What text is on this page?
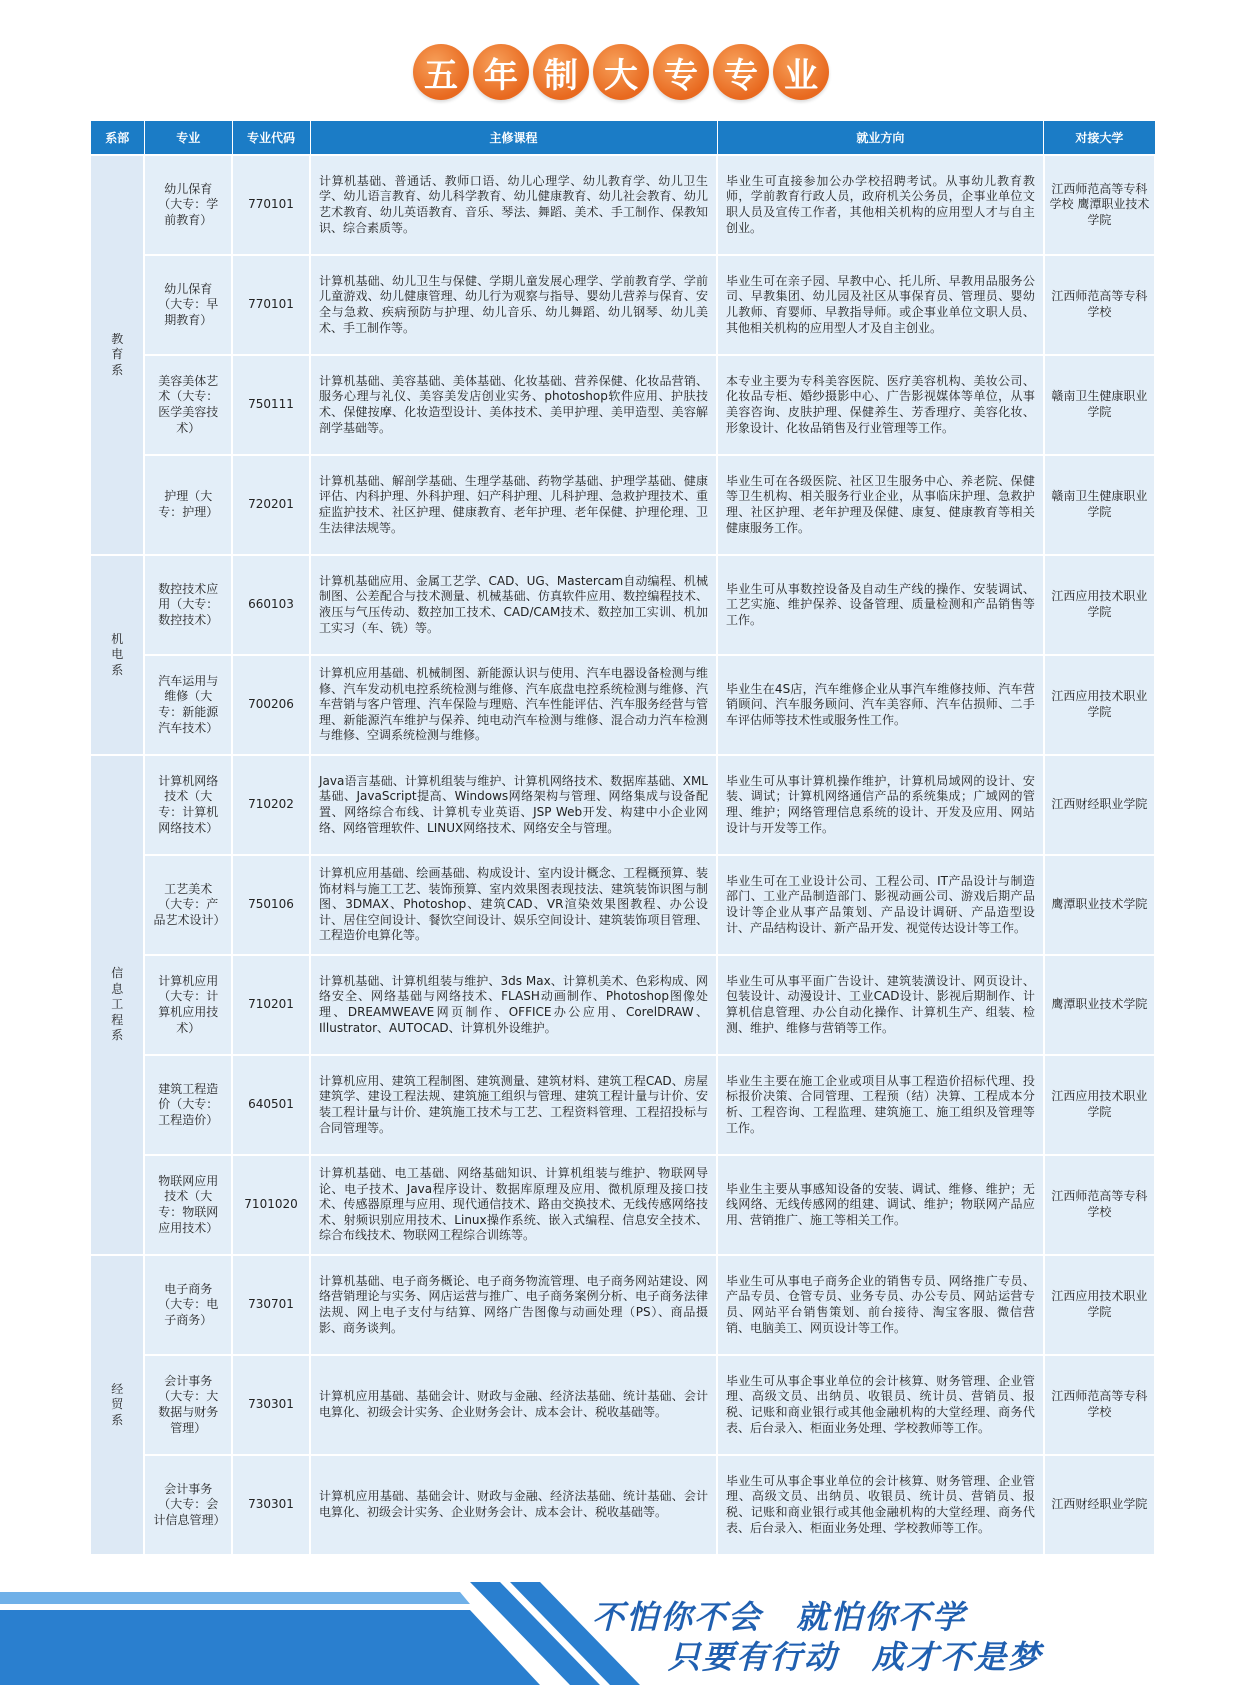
五 年 制 大 专 专 业
系部	专业	专业代码	主修课程	就业方向	对接大学
教育系	幼儿保育（大专：学前教育）	770101	计算机基础、普通话、教师口语、幼儿心理学、幼儿教育学、幼儿卫生学、幼儿语言教育、幼儿科学教育、幼儿健康教育、幼儿社会教育、幼儿艺术教育、幼儿英语教育、音乐、琴法、舞蹈、美术、手工制作、保教知识、综合素质等。	毕业生可直接参加公办学校招聘考试。从事幼儿教育教师，学前教育行政人员，政府机关公务员，企事业单位文职人员及宣传工作者，其他相关机构的应用型人才与自主创业。	江西师范高等专科学校 鹰潭职业技术学院
	幼儿保育（大专：早期教育）	770101	计算机基础、幼儿卫生与保健、学期儿童发展心理学、学前教育学、学前儿童游戏、幼儿健康管理、幼儿行为观察与指导、婴幼儿营养与保育、安全与急救、疾病预防与护理、幼儿音乐、幼儿舞蹈、幼儿钢琴、幼儿美术、手工制作等。	毕业生可在亲子园、早教中心、托儿所、早教用品服务公司、早教集团、幼儿园及社区从事保育员、管理员、婴幼儿教师、育婴师、早教指导师。或企事业单位文职人员、其他相关机构的应用型人才及自主创业。	江西师范高等专科学校
	美容美体艺术（大专：医学美容技术）	750111	计算机基础、美容基础、美体基础、化妆基础、营养保健、化妆品营销、服务心理与礼仪、美容美发店创业实务、photoshop软件应用、护肤技术、保健按摩、化妆造型设计、美体技术、美甲护理、美甲造型、美容解剖学基础等。	本专业主要为专科美容医院、医疗美容机构、美妆公司、化妆品专柜、婚纱摄影中心、广告影视媒体等单位，从事美容咨询、皮肤护理、保健养生、芳香理疗、美容化妆、形象设计、化妆品销售及行业管理等工作。	赣南卫生健康职业学院
	护理（大专：护理）	720201	计算机基础、解剖学基础、生理学基础、药物学基础、护理学基础、健康评估、内科护理、外科护理、妇产科护理、儿科护理、急救护理技术、重症监护技术、社区护理、健康教育、老年护理、老年保健、护理伦理、卫生法律法规等。	毕业生可在各级医院、社区卫生服务中心、养老院、保健等卫生机构、相关服务行业企业，从事临床护理、急救护理、社区护理、老年护理及保健、康复、健康教育等相关健康服务工作。	赣南卫生健康职业学院
机电系	数控技术应用（大专：数控技术）	660103	计算机基础应用、金属工艺学、CAD、UG、Mastercam自动编程、机械制图、公差配合与技术测量、机械基础、仿真软件应用、数控编程技术、液压与气压传动、数控加工技术、CAD/CAM技术、数控加工实训、机加工实习（车、铣）等。	毕业生可从事数控设备及自动生产线的操作、安装调试、工艺实施、维护保养、设备管理、质量检测和产品销售等工作。	江西应用技术职业学院
	汽车运用与维修（大专：新能源汽车技术）	700206	计算机应用基础、机械制图、新能源认识与使用、汽车电器设备检测与维修、汽车发动机电控系统检测与维修、汽车底盘电控系统检测与维修、汽车营销与客户管理、汽车保险与理赔、汽车性能评估、汽车服务经营与管理、新能源汽车维护与保养、纯电动汽车检测与维修、混合动力汽车检测与维修、空调系统检测与维修。	毕业生在4S店，汽车维修企业从事汽车维修技师、汽车营销顾问、汽车服务顾问、汽车美容师、汽车估损师、二手车评估师等技术性或服务性工作。	江西应用技术职业学院
信息工程系	计算机网络技术（大专：计算机网络技术）	710202	Java语言基础、计算机组装与维护、计算机网络技术、数据库基础、XML基础、JavaScript提高、Windows网络架构与管理、网络集成与设备配置、网络综合布线、计算机专业英语、JSP Web开发、构建中小企业网络、网络管理软件、LINUX网络技术、网络安全与管理。	毕业生可从事计算机操作维护，计算机局域网的设计、安装、调试；计算机网络通信产品的系统集成；广域网的管理、维护；网络管理信息系统的设计、开发及应用、网站设计与开发等工作。	江西财经职业学院
	工艺美术（大专：产品艺术设计）	750106	计算机应用基础、绘画基础、构成设计、室内设计概念、工程概预算、装饰材料与施工工艺、装饰预算、室内效果图表现技法、建筑装饰识图与制图、3DMAX、Photoshop、建筑CAD、VR渲染效果图教程、办公设计、居住空间设计、餐饮空间设计、娱乐空间设计、建筑装饰项目管理、工程造价电算化等。	毕业生可在工业设计公司、工程公司、IT产品设计与制造部门、工业产品制造部门、影视动画公司、游戏后期产品设计等企业从事产品策划、产品设计调研、产品造型设计、产品结构设计、新产品开发、视觉传达设计等工作。	鹰潭职业技术学院
	计算机应用（大专：计算机应用技术）	710201	计算机基础、计算机组装与维护、3ds Max、计算机美术、色彩构成、网络安全、网络基础与网络技术、FLASH动画制作、Photoshop图像处理、DREAMWEAVE网页制作、OFFICE办公应用、CorelDRAW、Illustrator、AUTOCAD、计算机外设维护。	毕业生可从事平面广告设计、建筑装潢设计、网页设计、包装设计、动漫设计、工业CAD设计、影视后期制作、计算机信息管理、办公自动化操作、计算机生产、组装、检测、维护、维修与营销等工作。	鹰潭职业技术学院
	建筑工程造价（大专：工程造价）	640501	计算机应用、建筑工程制图、建筑测量、建筑材料、建筑工程CAD、房屋建筑学、建设工程法规、建筑施工组织与管理、建筑工程计量与计价、安装工程计量与计价、建筑施工技术与工艺、工程资料管理、工程招投标与合同管理等。	毕业生主要在施工企业或项目从事工程造价招标代理、投标报价决策、合同管理、工程预（结）决算、工程成本分析、工程咨询、工程监理、建筑施工、施工组织及管理等工作。	江西应用技术职业学院
	物联网应用技术（大专：物联网应用技术）	7101020	计算机基础、电工基础、网络基础知识、计算机组装与维护、物联网导论、电子技术、Java程序设计、数据库原理及应用、微机原理及接口技术、传感器原理与应用、现代通信技术、路由交换技术、无线传感网络技术、射频识别应用技术、Linux操作系统、嵌入式编程、信息安全技术、综合布线技术、物联网工程综合训练等。	毕业生主要从事感知设备的安装、调试、维修、维护；无线网络、无线传感网的组建、调试、维护；物联网产品应用、营销推广、施工等相关工作。	江西师范高等专科学校
经贸系	电子商务（大专：电子商务）	730701	计算机基础、电子商务概论、电子商务物流管理、电子商务网站建设、网络营销理论与实务、网店运营与推广、电子商务案例分析、电子商务法律法规、网上电子支付与结算、网络广告图像与动画处理（PS）、商品摄影、商务谈判。	毕业生可从事电子商务企业的销售专员、网络推广专员、产品专员、仓管专员、业务专员、办公专员、网站运营专员、网站平台销售策划、前台接待、淘宝客服、微信营销、电脑美工、网页设计等工作。	江西应用技术职业学院
	会计事务（大专：大数据与财务管理）	730301	计算机应用基础、基础会计、财政与金融、经济法基础、统计基础、会计电算化、初级会计实务、企业财务会计、成本会计、税收基础等。	毕业生可从事企事业单位的会计核算、财务管理、企业管理、高级文员、出纳员、收银员、统计员、营销员、报税、记账和商业银行或其他金融机构的大堂经理、商务代表、后台录入、柜面业务处理、学校教师等工作。	江西师范高等专科学校
	会计事务（大专：会计信息管理）	730301	计算机应用基础、基础会计、财政与金融、经济法基础、统计基础、会计电算化、初级会计实务、企业财务会计、成本会计、税收基础等。	毕业生可从事企事业单位的会计核算、财务管理、企业管理、高级文员、出纳员、收银员、统计员、营销员、报税、记账和商业银行或其他金融机构的大堂经理、商务代表、后台录入、柜面业务处理、学校教师等工作。	江西财经职业学院
不怕你不会　就怕你不学
只要有行动　成才不是梦
